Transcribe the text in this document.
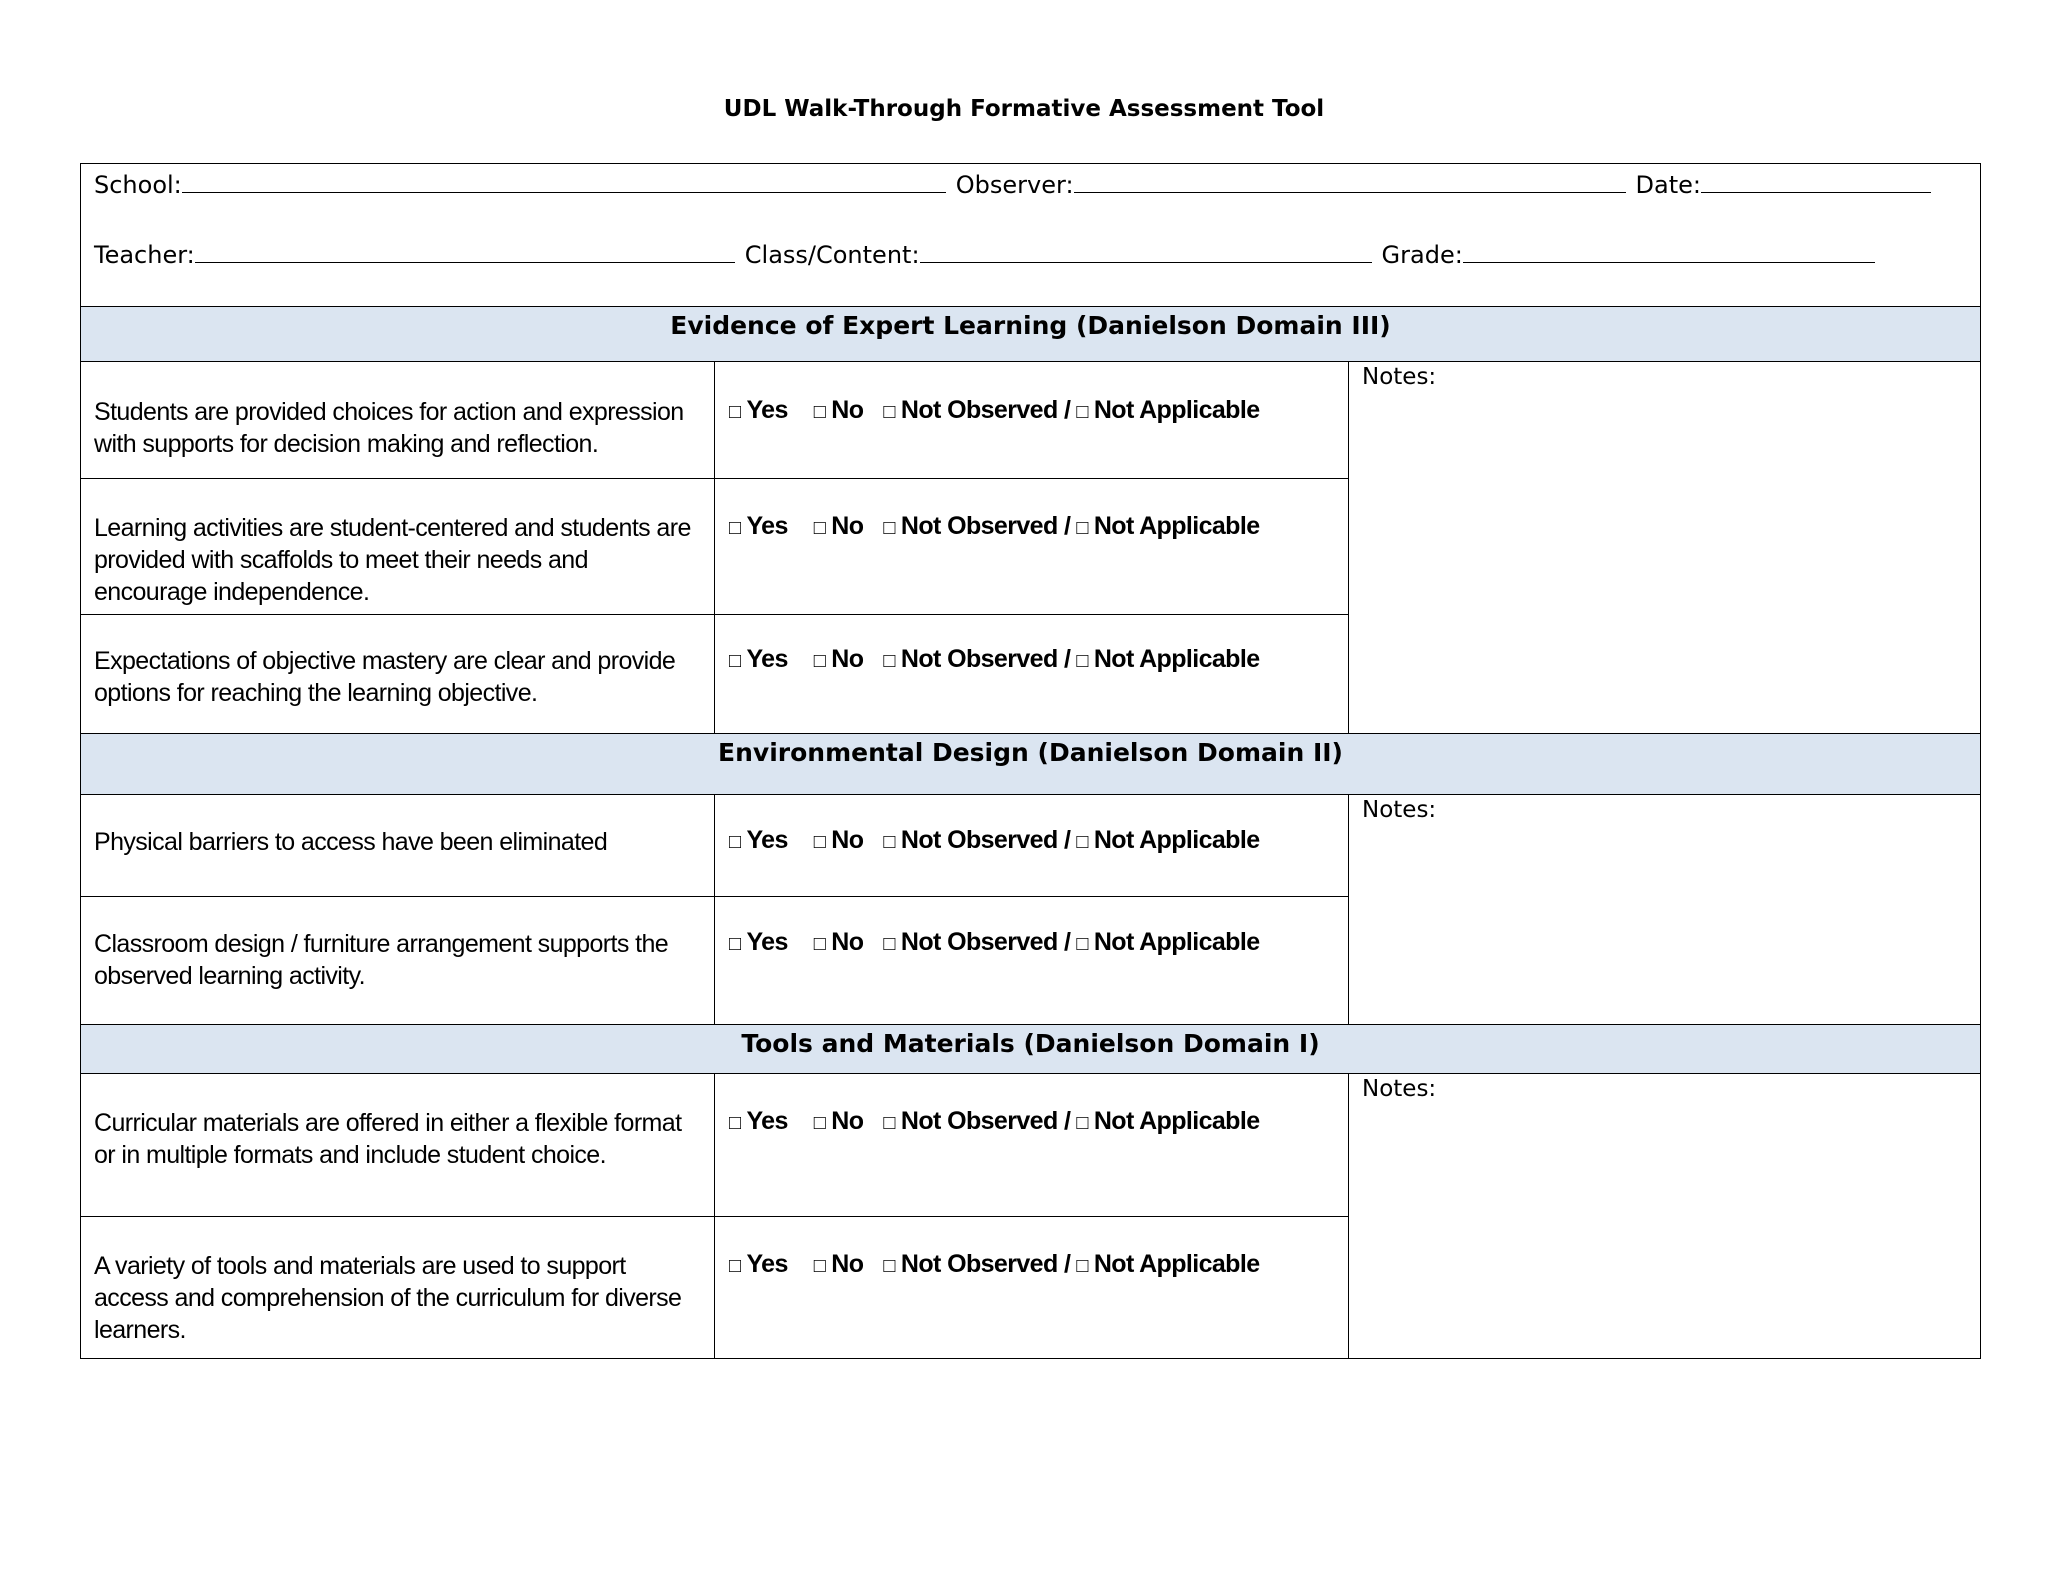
UDL Walk-Through Formative Assessment Tool
School: Observer: Date:
Teacher: Class/Content: Grade:		

Evidence of Expert Learning (Danielson Domain III)		

Students are provided choices for action and expression with supports for decision making and reflection.	□ Yes □ No □ Not Observed / □ Not Applicable	Notes:

Learning activities are student-centered and students are provided with scaffolds to meet their needs and encourage independence.	□ Yes □ No □ Not Observed / □ Not Applicable	

Expectations of objective mastery are clear and provide options for reaching the learning objective.	□ Yes □ No □ Not Observed / □ Not Applicable	

Environmental Design (Danielson Domain II)		

Physical barriers to access have been eliminated	□ Yes □ No □ Not Observed / □ Not Applicable	Notes:

Classroom design / furniture arrangement supports the observed learning activity.	□ Yes □ No □ Not Observed / □ Not Applicable	

Tools and Materials (Danielson Domain I)		

Curricular materials are offered in either a flexible format or in multiple formats and include student choice.	□ Yes □ No □ Not Observed / □ Not Applicable	Notes:

A variety of tools and materials are used to support access and comprehension of the curriculum for diverse learners.	□ Yes □ No □ Not Observed / □ Not Applicable	
